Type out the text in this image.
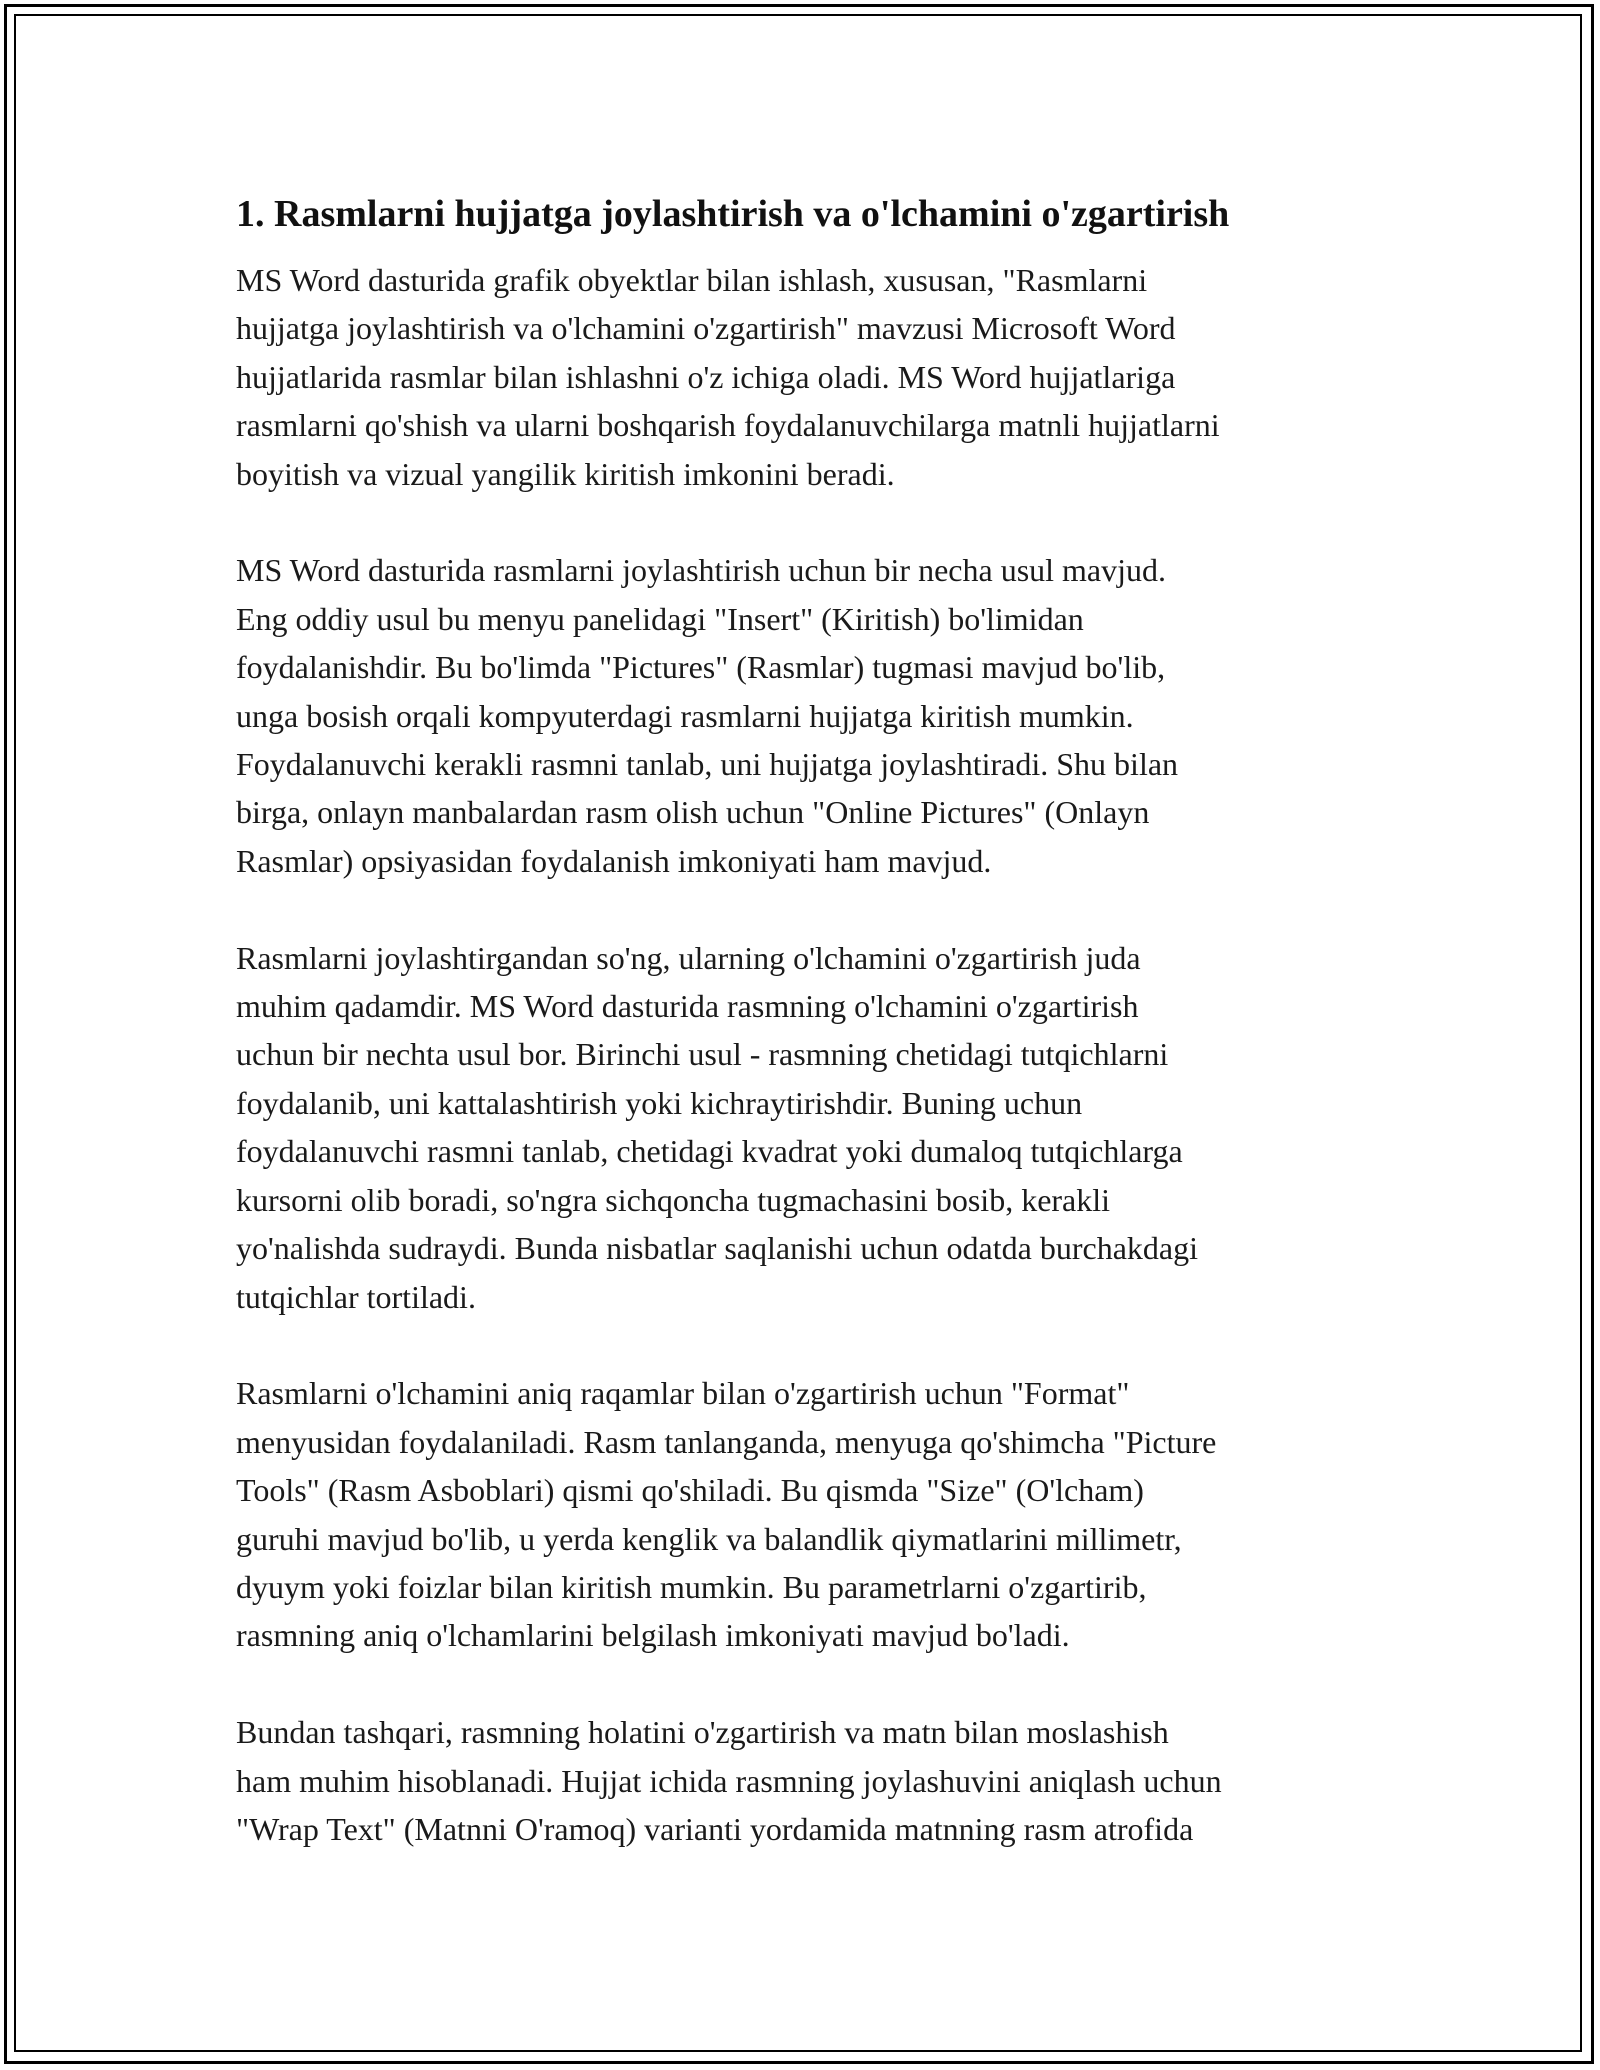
1. Rasmlarni hujjatga joylashtirish va o'lchamini o'zgartirish

MS Word dasturida grafik obyektlar bilan ishlash, xususan, "Rasmlarni
hujjatga joylashtirish va o'lchamini o'zgartirish" mavzusi Microsoft Word
hujjatlarida rasmlar bilan ishlashni o'z ichiga oladi. MS Word hujjatlariga
rasmlarni qo'shish va ularni boshqarish foydalanuvchilarga matnli hujjatlarni
boyitish va vizual yangilik kiritish imkonini beradi.

MS Word dasturida rasmlarni joylashtirish uchun bir necha usul mavjud.
Eng oddiy usul bu menyu panelidagi "Insert" (Kiritish) bo'limidan
foydalanishdir. Bu bo'limda "Pictures" (Rasmlar) tugmasi mavjud bo'lib,
unga bosish orqali kompyuterdagi rasmlarni hujjatga kiritish mumkin.
Foydalanuvchi kerakli rasmni tanlab, uni hujjatga joylashtiradi. Shu bilan
birga, onlayn manbalardan rasm olish uchun "Online Pictures" (Onlayn
Rasmlar) opsiyasidan foydalanish imkoniyati ham mavjud.

Rasmlarni joylashtirgandan so'ng, ularning o'lchamini o'zgartirish juda
muhim qadamdir. MS Word dasturida rasmning o'lchamini o'zgartirish
uchun bir nechta usul bor. Birinchi usul - rasmning chetidagi tutqichlarni
foydalanib, uni kattalashtirish yoki kichraytirishdir. Buning uchun
foydalanuvchi rasmni tanlab, chetidagi kvadrat yoki dumaloq tutqichlarga
kursorni olib boradi, so'ngra sichqoncha tugmachasini bosib, kerakli
yo'nalishda sudraydi. Bunda nisbatlar saqlanishi uchun odatda burchakdagi
tutqichlar tortiladi.

Rasmlarni o'lchamini aniq raqamlar bilan o'zgartirish uchun "Format"
menyusidan foydalaniladi. Rasm tanlanganda, menyuga qo'shimcha "Picture
Tools" (Rasm Asboblari) qismi qo'shiladi. Bu qismda "Size" (O'lcham)
guruhi mavjud bo'lib, u yerda kenglik va balandlik qiymatlarini millimetr,
dyuym yoki foizlar bilan kiritish mumkin. Bu parametrlarni o'zgartirib,
rasmning aniq o'lchamlarini belgilash imkoniyati mavjud bo'ladi.

Bundan tashqari, rasmning holatini o'zgartirish va matn bilan moslashish
ham muhim hisoblanadi. Hujjat ichida rasmning joylashuvini aniqlash uchun
"Wrap Text" (Matnni O'ramoq) varianti yordamida matnning rasm atrofida
